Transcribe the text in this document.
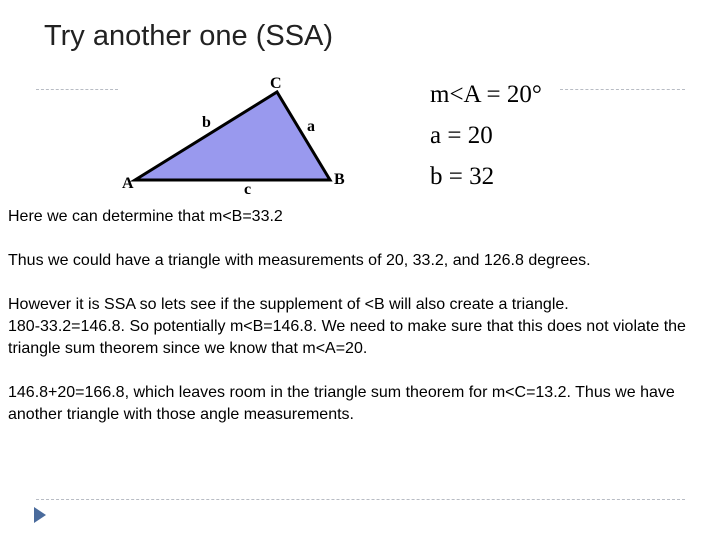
Try another one (SSA)
A	B
C
b	a
c
m<A = 20°
a = 20
b = 32

Here we can determine that m<B=33.2

Thus we could have a triangle with measurements of 20, 33.2, and 126.8 degrees.

However it is SSA so lets see if the supplement of <B will also create a triangle.
180-33.2=146.8. So potentially m<B=146.8. We need to make sure that this does not violate the triangle sum theorem since we know that m<A=20.

146.8+20=166.8, which leaves room in the triangle sum theorem for m<C=13.2. Thus we have another triangle with those angle measurements.
